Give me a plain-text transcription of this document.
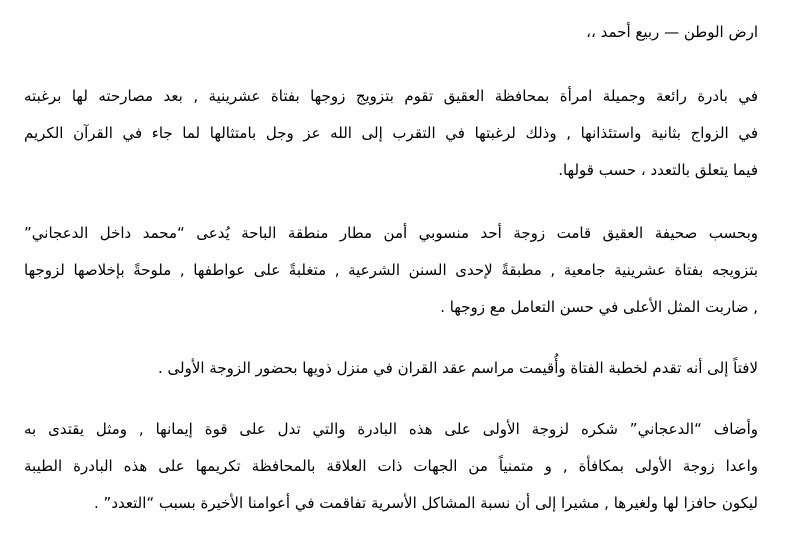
ارض الوطن — ربيع أحمد ،،
في بادرة رائعة وجميلة امرأة بمحافظة العقيق تقوم بتزويج زوجها بفتاة عشرينية , بعد مصارحته لها برغبته
في الزواج بثانية واستئذانها , وذلك لرغبتها في التقرب إلى الله عز وجل بامتثالها لما جاء في القرآن الكريم
فيما يتعلق بالتعدد ، حسب قولها.
وبحسب صحيفة العقيق قامت زوجة أحد منسوبي أمن مطار منطقة الباحة يُدعى “محمد داخل الدعجاني”
بتزويجه بفتاة عشرينية جامعية , مطبقةً لإحدى السنن الشرعية , متغلبةً على عواطفها , ملوحةً بإخلاصها لزوجها
, ضاربت المثل الأعلى في حسن التعامل مع زوجها .
لافتاً إلى أنه تقدم لخطبة الفتاة وأُقيمت مراسم عقد القران في منزل ذويها بحضور الزوجة الأولى .
وأضاف “الدعجاني” شكره لزوجة الأولى على هذه البادرة والتي تدل على قوة إيمانها , ومثل يقتدى به
واعدا زوجة الأولى بمكافأة , و متمنياً من الجهات ذات العلاقة بالمحافظة تكريمها على هذه البادرة الطيبة
ليكون حافزا لها ولغيرها , مشيرا إلى أن نسبة المشاكل الأسرية تفاقمت في أعوامنا الأخيرة بسبب “التعدد” .
